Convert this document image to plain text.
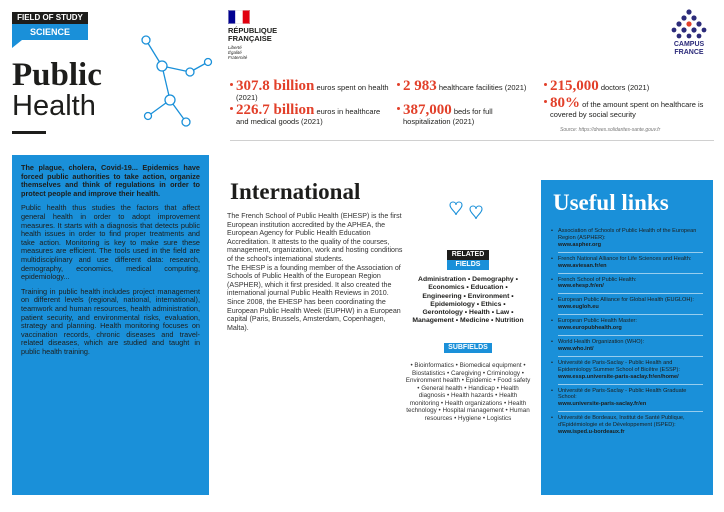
FIELD OF STUDY
SCIENCE
Public
Health
RÉPUBLIQUE
FRANÇAISE
Liberté
Égalité
Fraternité
CAMPUS
FRANCE
307.8 billion euros spent on health (2021)
226.7 billion euros in healthcare and medical goods (2021)
2 983 healthcare facilities (2021)
387,000 beds for full hospitalization (2021)
215,000 doctors (2021)
80% of the amount spent on healthcare is covered by social security
Source: https://drees.solidarites-sante.gouv.fr

The plague, cholera, Covid-19... Epidemics have forced public authorities to take action, organize themselves and think of regulations in order to protect people and improve their health.

Public health thus studies the factors that affect general health in order to adopt improvement measures. It starts with a diagnosis that detects public health issues in order to find proper treatments and take action. Monitoring is key to make sure these measures are efficient. The tools used in the field are multidisciplinary and use different data: research, demography, economics, medical computing, epidemiology...

Training in public health includes project management on different levels (regional, national, international), teamwork and human resources, health administration, patient security, and environmental risks, evaluation, strategy and planning. Health monitoring focuses on vaccination records, chronic diseases and travel-related diseases, which are studied and taught in public health training.

International

The French School of Public Health (EHESP) is the first European institution accredited by the APHEA, the European Agency for Public Health Education Accreditation. It attests to the quality of the courses, management, organization, work and hosting conditions of the school's international students.

The EHESP is a founding member of the Association of Schools of Public Health of the European Region (ASPHER), which it first presided. It also created the international journal Public Health Reviews in 2010. Since 2008, the EHESP has been coordinating the European Public Health Week (EUPHW) in a European capital (Paris, Brussels, Amsterdam, Copenhagen, Malta).

RELATED
FIELDS
Administration • Demography • Economics • Education • Engineering • Environment • Epidemiology • Ethics • Gerontology • Health • Law • Management • Medicine • Nutrition
SUBFIELDS
• Bioinformatics • Biomedical equipment • Biostatistics • Caregiving • Criminology • Environment health • Epidemic • Food safety • General health • Handicap • Health diagnosis • Health hazards • Health monitoring • Health organizations • Health technology • Hospital management • Human resources • Hygiene • Logistics
Useful links
• Association of Schools of Public Health of the European Region (ASPHER):
www.aspher.org
• French National Alliance for Life Sciences and Health:
www.aviesan.fr/en
• French School of Public Health:
www.ehesp.fr/en/
• European Public Alliance for Global Health (EUGLOH):
www.eugloh.eu
• European Public Health Master:
www.europubhealth.org
• World Health Organization (WHO):
www.who.int/
• Université de Paris-Saclay - Public Health and Epidemiology Summer School of Bicêtre (ESSP):
www.essp.universite-paris-saclay.fr/en/home/
• Université de Paris-Saclay - Public Health Graduate School:
www.universite-paris-saclay.fr/en
• Université de Bordeaux, Institut de Santé Publique, d'Epidémiologie et de Développement (ISPED):
www.isped.u-bordeaux.fr
